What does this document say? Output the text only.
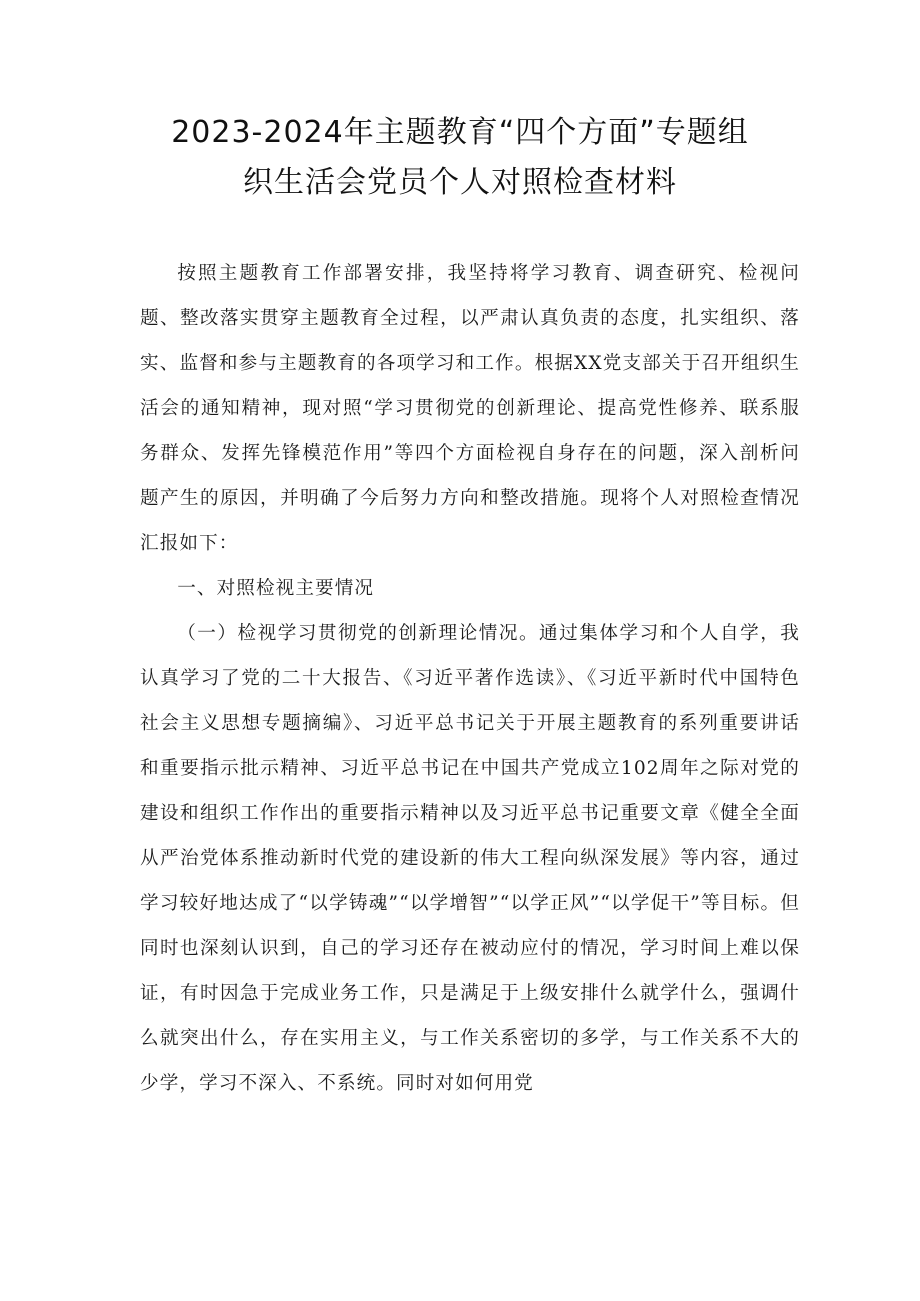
2023-2024年主题教育“四个方面”专题组
织生活会党员个人对照检查材料

按照主题教育工作部署安排，我坚持将学习教育、调查研究、检视问题、整改落实贯穿主题教育全过程，以严肃认真负责的态度，扎实组织、落实、监督和参与主题教育的各项学习和工作。根据XX党支部关于召开组织生活会的通知精神，现对照“学习贯彻党的创新理论、提高党性修养、联系服务群众、发挥先锋模范作用”等四个方面检视自身存在的问题，深入剖析问题产生的原因，并明确了今后努力方向和整改措施。现将个人对照检查情况汇报如下：

一、对照检视主要情况

（一）检视学习贯彻党的创新理论情况。通过集体学习和个人自学，我认真学习了党的二十大报告、《习近平著作选读》、《习近平新时代中国特色社会主义思想专题摘编》、习近平总书记关于开展主题教育的系列重要讲话和重要指示批示精神、习近平总书记在中国共产党成立102周年之际对党的建设和组织工作作出的重要指示精神以及习近平总书记重要文章《健全全面从严治党体系推动新时代党的建设新的伟大工程向纵深发展》等内容，通过学习较好地达成了“以学铸魂”“以学增智”“以学正风”“以学促干”等目标。但同时也深刻认识到，自己的学习还存在被动应付的情况，学习时间上难以保证，有时因急于完成业务工作，只是满足于上级安排什么就学什么，强调什么就突出什么，存在实用主义，与工作关系密切的多学，与工作关系不大的少学，学习不深入、不系统。同时对如何用党
